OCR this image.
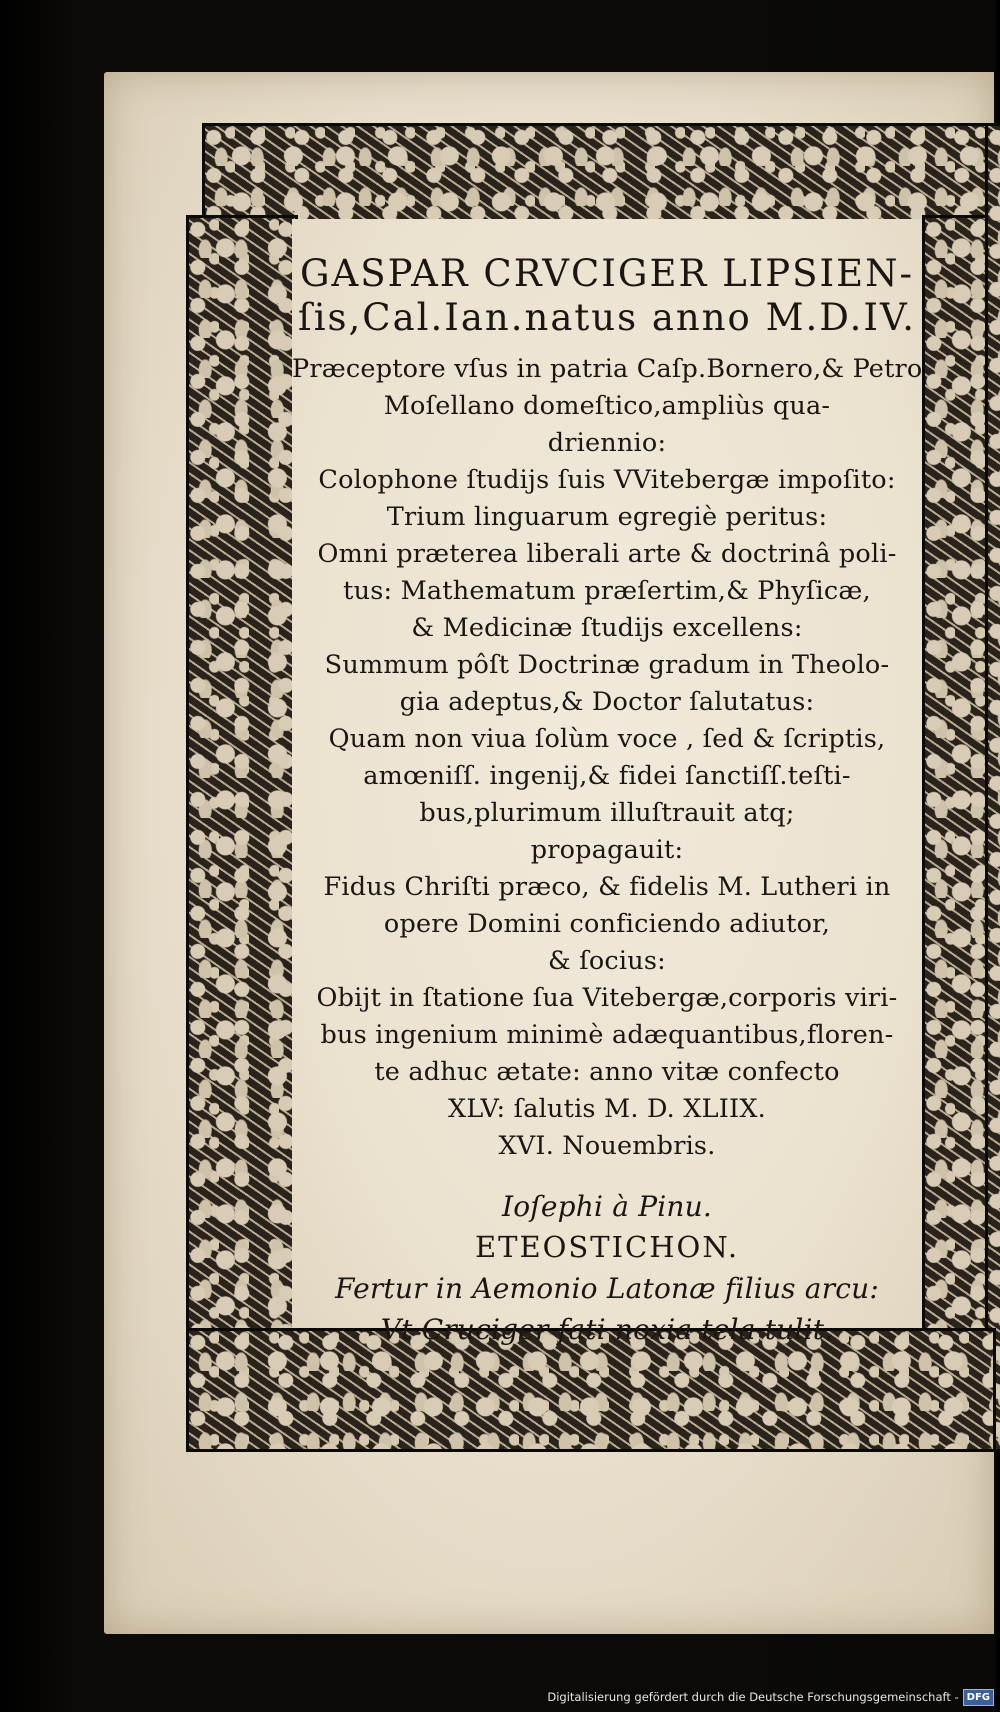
GASPAR CRVCIGER LIPSIEN-
ſis,Cal.Ian.natus anno M.D.IV.
Præceptore vſus in patria Caſp.Bornero,& Petro
Moſellano domeſtico,ampliùs qua-
driennio:
Colophone ſtudijs ſuis VVitebergæ impoſito:
Trium linguarum egregiè peritus:
Omni præterea liberali arte & doctrinâ poli-
tus: Mathematum præſertim,& Phyſicæ,
& Medicinæ ſtudijs excellens:
Summum pôſt Doctrinæ gradum in Theolo-
gia adeptus,& Doctor ſalutatus:
Quam non viua ſolùm voce , ſed & ſcriptis,
amœniſſ. ingenij,& fidei ſanctiſſ.teſti-
bus,plurimum illuſtrauit atq;
propagauit:
Fidus Chriſti præco, & fidelis M. Lutheri in
opere Domini conficiendo adiutor,
& ſocius:
Obijt in ſtatione ſua Vitebergæ,corporis viri-
bus ingenium minimè adæquantibus,floren-
te adhuc ætate: anno vitæ confecto
XLV: ſalutis M. D. XLIIX.
XVI. Nouembris.
Ioſephi à Pinu.
ETEOSTICHON.
Fertur in Aemonio Latonæ filius arcu:
Vt Cruciger fati noxia tela tulit.
Digitalisierung gefördert durch die Deutsche Forschungsgemeinschaft - DFG
